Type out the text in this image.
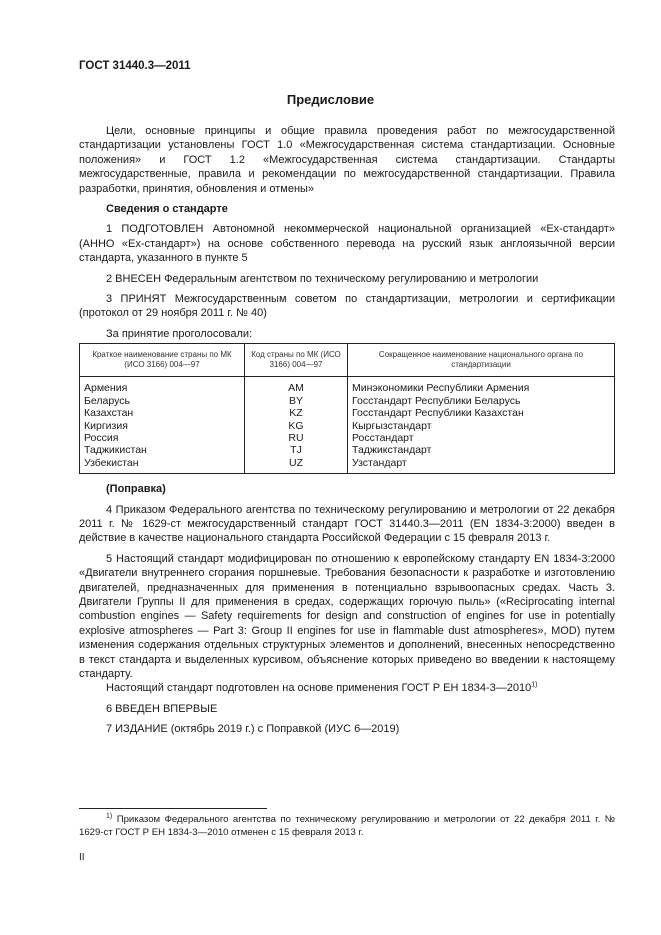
ГОСТ 31440.3—2011
Предисловие

Цели, основные принципы и общие правила проведения работ по межгосударственной стандартизации установлены ГОСТ 1.0 «Межгосударственная система стандартизации. Основные положения» и ГОСТ 1.2 «Межгосударственная система стандартизации. Стандарты межгосударственные, правила и рекомендации по межгосударственной стандартизации. Правила разработки, принятия, обновления и отмены»

Сведения о стандарте

1 ПОДГОТОВЛЕН Автономной некоммерческой национальной организацией «Ех-стандарт» (АННО «Ех-стандарт») на основе собственного перевода на русский язык англоязычной версии стандарта, указанного в пункте 5

2 ВНЕСЕН Федеральным агентством по техническому регулированию и метрологии

3 ПРИНЯТ Межгосударственным советом по стандартизации, метрологии и сертификации (протокол от 29 ноября 2011 г. № 40)

За принятие проголосовали:

Краткое наименование страны по МК (ИСО 3166) 004—97	Код страны по МК (ИСО 3166) 004—97	Сокращенное наименование национального органа по стандартизации
Армения	AM	Минэкономики Республики Армения
Беларусь	BY	Госстандарт Республики Беларусь
Казахстан	KZ	Госстандарт Республики Казахстан
Киргизия	KG	Кыргызстандарт
Россия	RU	Росстандарт
Таджикистан	TJ	Таджикстандарт
Узбекистан	UZ	Узстандарт

(Поправка)

4 Приказом Федерального агентства по техническому регулированию и метрологии от 22 декабря 2011 г. № 1629-ст межгосударственный стандарт ГОСТ 31440.3—2011 (EN 1834-3:2000) введен в действие в качестве национального стандарта Российской Федерации с 15 февраля 2013 г.

5 Настоящий стандарт модифицирован по отношению к европейскому стандарту EN 1834-3:2000 «Двигатели внутреннего сгорания поршневые. Требования безопасности к разработке и изготовлению двигателей, предназначенных для применения в потенциально взрывоопасных средах. Часть 3. Двигатели Группы II для применения в средах, содержащих горючую пыль» («Reciprocating internal combustion engines — Safety requirements for design and construction of engines for use in potentially explosive atmospheres — Part 3: Group II engines for use in flammable dust atmospheres», MOD) путем изменения содержания отдельных структурных элементов и дополнений, внесенных непосредственно в текст стандарта и выделенных курсивом, объяснение которых приведено во введении к настоящему стандарту.

Настоящий стандарт подготовлен на основе применения ГОСТ Р ЕН 1834-3—2010$^{1)}$

6 ВВЕДЕН ВПЕРВЫЕ

7 ИЗДАНИЕ (октябрь 2019 г.) с Поправкой (ИУС 6—2019)

$^{1)}$ Приказом Федерального агентства по техническому регулированию и метрологии от 22 декабря 2011 г. № 1629-ст ГОСТ Р ЕН 1834-3—2010 отменен с 15 февраля 2013 г.

II
